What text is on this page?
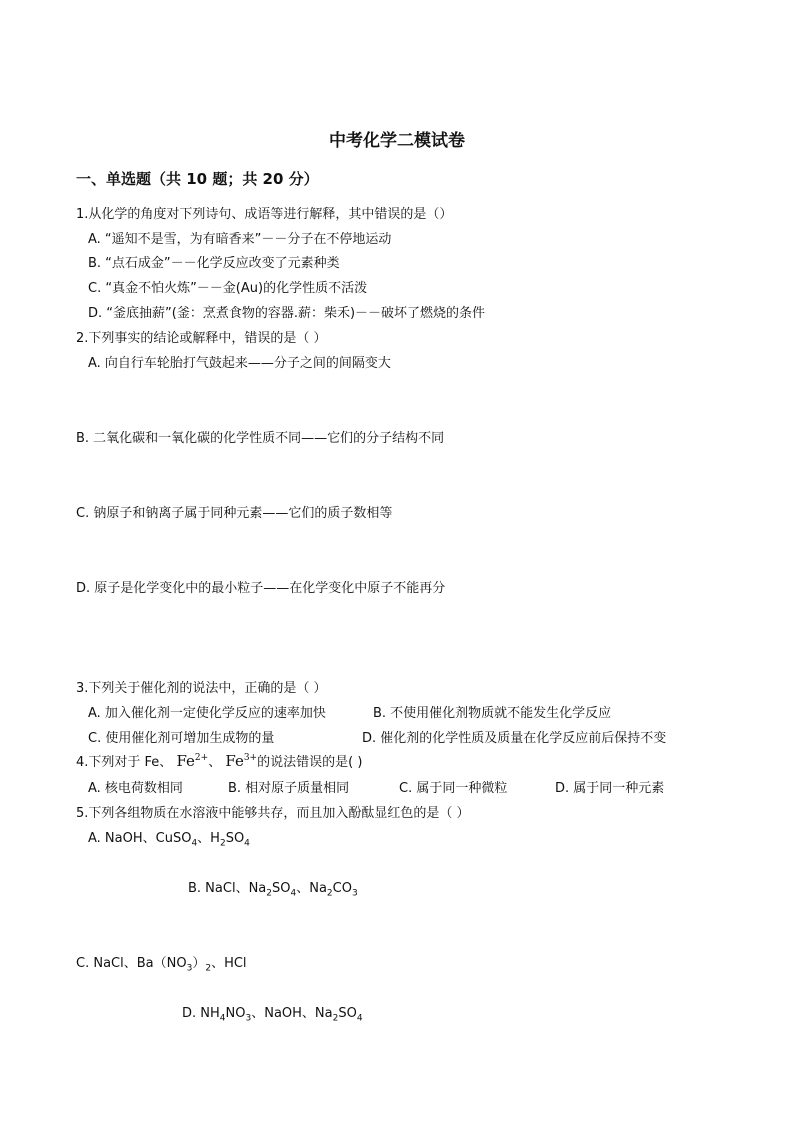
中考化学二模试卷
一、单选题（共 10 题；共 20 分）
1.从化学的角度对下列诗句、成语等进行解释，其中错误的是（）
A. “遥知不是雪，为有暗香来”－－分子在不停地运动
B. “点石成金”－－化学反应改变了元素种类
C. “真金不怕火炼”－－金(Au)的化学性质不活泼
D. “釜底抽薪”(釜：烹煮食物的容器.薪：柴禾)－－破坏了燃烧的条件
2.下列事实的结论或解释中，错误的是（ ）
A. 向自行车轮胎打气鼓起来——分子之间的间隔变大
B. 二氧化碳和一氧化碳的化学性质不同——它们的分子结构不同
C. 钠原子和钠离子属于同种元素——它们的质子数相等
D. 原子是化学变化中的最小粒子——在化学变化中原子不能再分
3.下列关于催化剂的说法中，正确的是（ ）
A. 加入催化剂一定使化学反应的速率加快	B. 不使用催化剂物质就不能发生化学反应
C. 使用催化剂可增加生成物的量	D. 催化剂的化学性质及质量在化学反应前后保持不变
4.下列对于 Fe、 $Fe^{2+}$、 $Fe^{3+}$的说法错误的是( )
A. 核电荷数相同	B. 相对原子质量相同	C. 属于同一种微粒	D. 属于同一种元素
5.下列各组物质在水溶液中能够共存，而且加入酚酞显红色的是（ ）
A. NaOH、CuSO$_4$、$H_2SO_4$
B. NaCl、$Na_2SO_4$、$Na_2CO_3$
C. NaCl、$Ba(NO_3)_2$、HCl
D. $NH_4NO_3$、NaOH、$Na_2SO_4$
